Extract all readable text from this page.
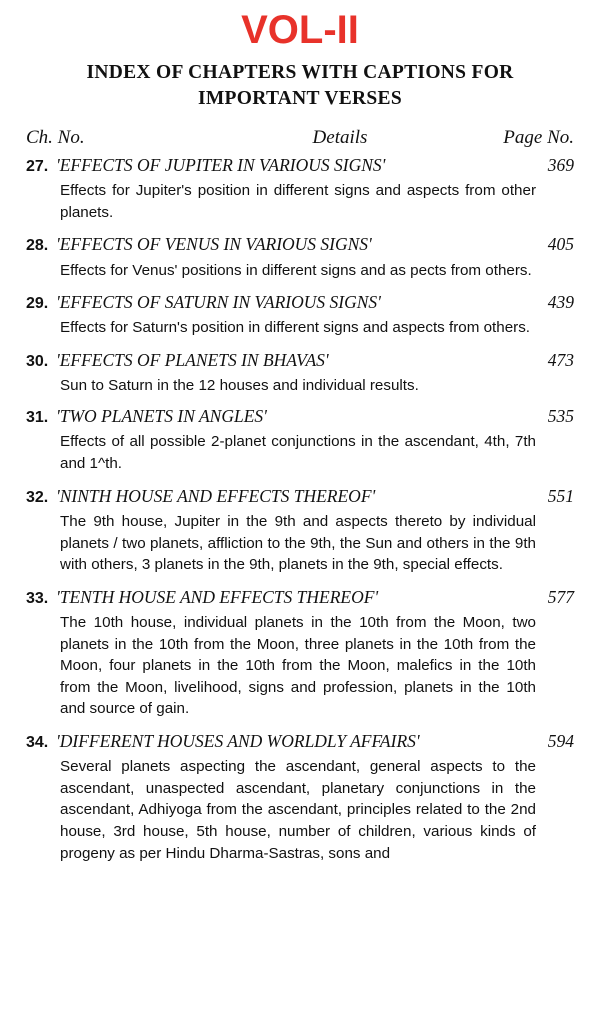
VOL-II
INDEX OF CHAPTERS WITH CAPTIONS FOR
IMPORTANT VERSES
Ch. No.	Details	Page No.
27. 'EFFECTS OF JUPITER IN VARIOUS SIGNS'	369
Effects for Jupiter's position in different signs and aspects from other planets.
28. 'EFFECTS OF VENUS IN VARIOUS SIGNS'	405
Effects for Venus' positions in different signs and as pects from others.
29. 'EFFECTS OF SATURN IN VARIOUS SIGNS'	439
Effects for Saturn's position in different signs and aspects from others.
30. 'EFFECTS OF PLANETS IN BHAVAS'	473
Sun to Saturn in the 12 houses and individual results.
31. 'TWO PLANETS IN ANGLES'	535
Effects of all possible 2-planet conjunctions in the ascendant, 4th, 7th and 1^th.
32. 'NINTH HOUSE AND EFFECTS THEREOF'	551
The 9th house, Jupiter in the 9th and aspects thereto by individual planets / two planets, affliction to the 9th, the Sun and others in the 9th with others, 3 planets in the 9th, planets in the 9th, special effects.
33. 'TENTH HOUSE AND EFFECTS THEREOF'	577
The 10th house, individual planets in the 10th from the Moon, two planets in the 10th from the Moon, three planets in the 10th from the Moon, four planets in the 10th from the Moon, malefics in the 10th from the Moon, livelihood, signs and profession, planets in the 10th and source of gain.
34. 'DIFFERENT HOUSES AND WORLDLY AFFAIRS'	594
Several planets aspecting the ascendant, general aspects to the ascendant, unaspected ascendant, planetary conjunctions in the ascendant, Adhiyoga from the ascendant, principles related to the 2nd house, 3rd house, 5th house, number of children, various kinds of progeny as per Hindu Dharma-Sastras, sons and
